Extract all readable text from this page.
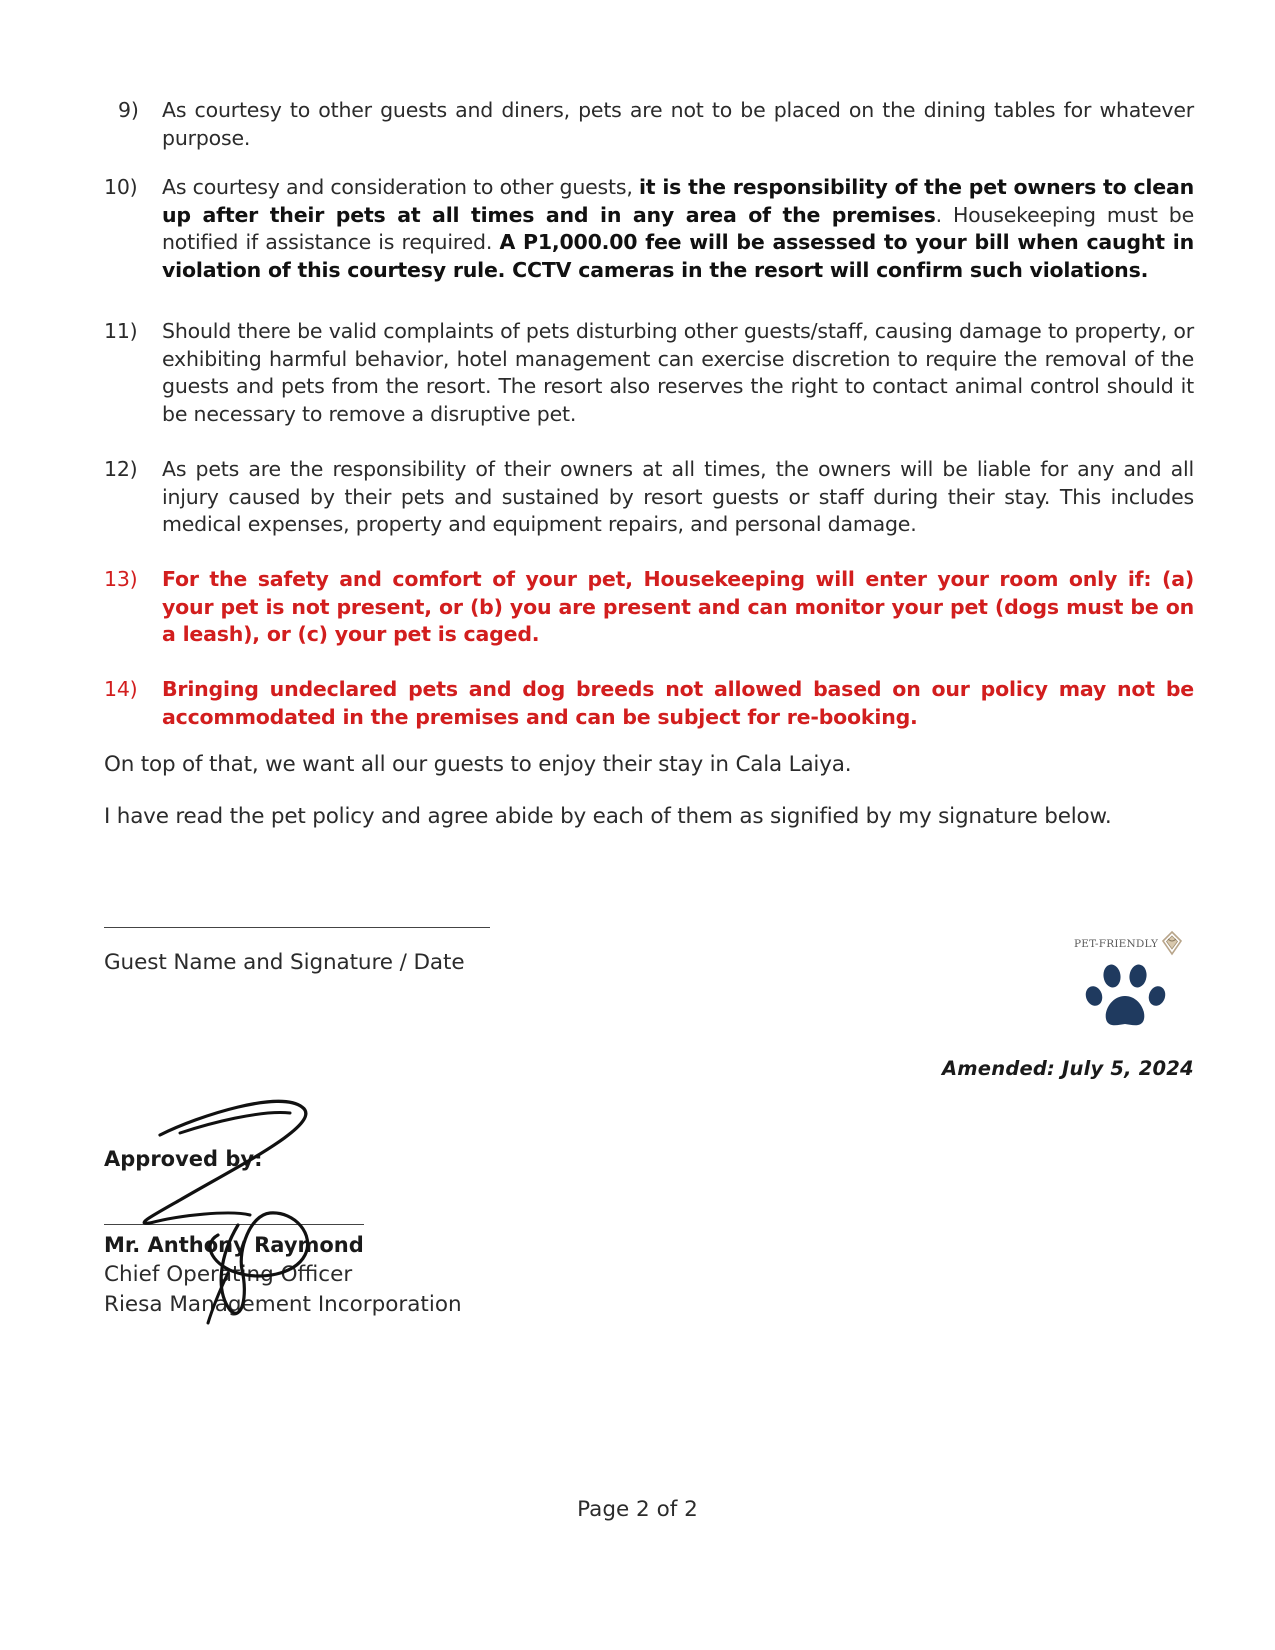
9)	As courtesy to other guests and diners, pets are not to be placed on the dining tables for whatever purpose.
10)	As courtesy and consideration to other guests, it is the responsibility of the pet owners to clean up after their pets at all times and in any area of the premises. Housekeeping must be notified if assistance is required. A P1,000.00 fee will be assessed to your bill when caught in violation of this courtesy rule. CCTV cameras in the resort will confirm such violations.
11)	Should there be valid complaints of pets disturbing other guests/staff, causing damage to property, or exhibiting harmful behavior, hotel management can exercise discretion to require the removal of the guests and pets from the resort. The resort also reserves the right to contact animal control should it be necessary to remove a disruptive pet.
12)	As pets are the responsibility of their owners at all times, the owners will be liable for any and all injury caused by their pets and sustained by resort guests or staff during their stay. This includes medical expenses, property and equipment repairs, and personal damage.
13)	For the safety and comfort of your pet, Housekeeping will enter your room only if: (a) your pet is not present, or (b) you are present and can monitor your pet (dogs must be on a leash), or (c) your pet is caged.
14)	Bringing undeclared pets and dog breeds not allowed based on our policy may not be accommodated in the premises and can be subject for re-booking.
On top of that, we want all our guests to enjoy their stay in Cala Laiya.
I have read the pet policy and agree abide by each of them as signified by my signature below.
Guest Name and Signature / Date
PET-FRIENDLY
Amended: July 5, 2024
Approved by:
Mr. Anthony Raymond
Chief Operating Officer
Riesa Management Incorporation
Page 2 of 2
